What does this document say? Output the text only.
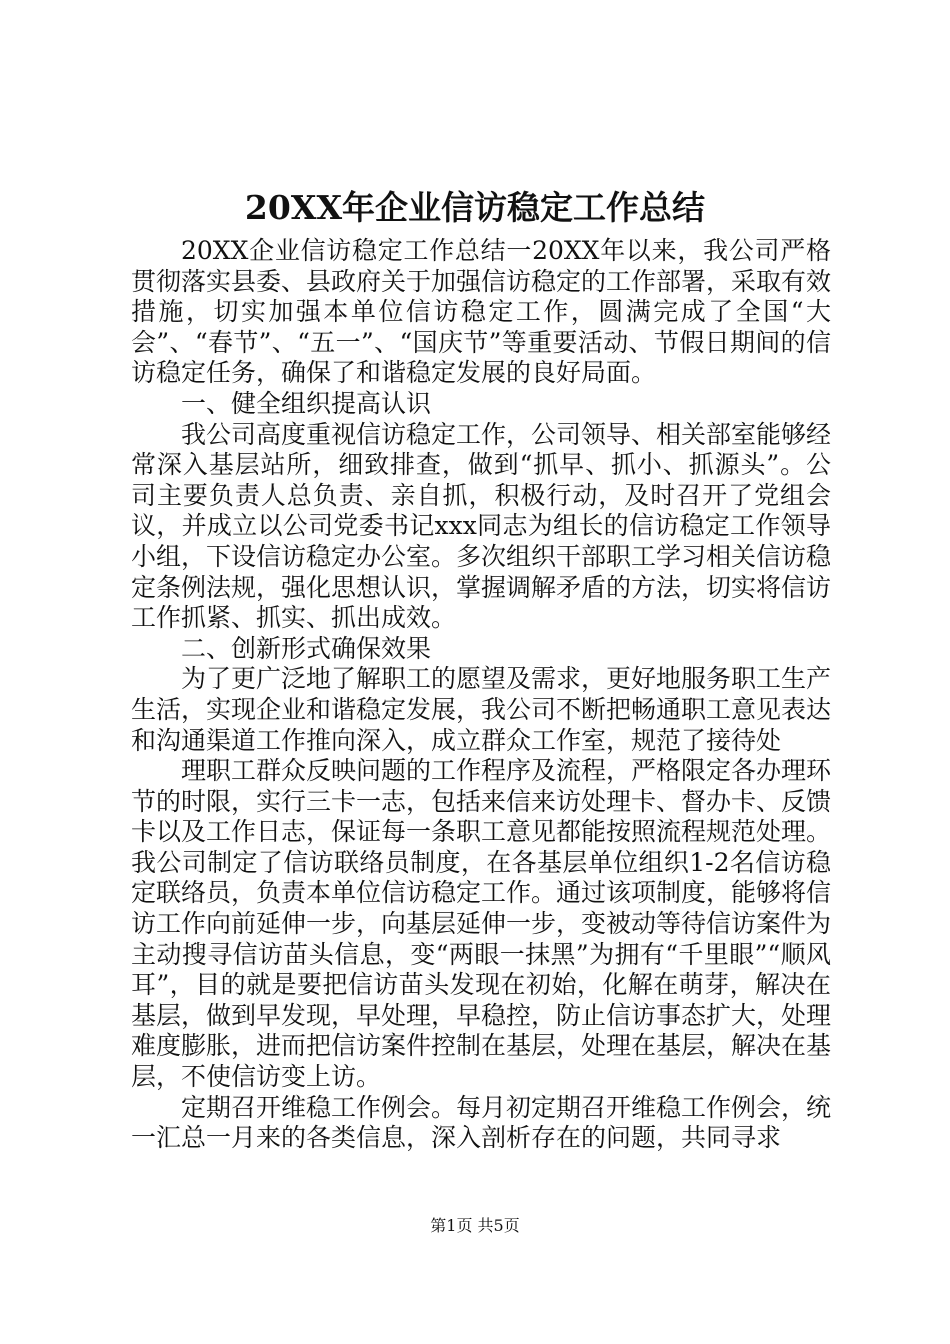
20XX年企业信访稳定工作总结

20XX企业信访稳定工作总结一20XX年以来，我公司严格贯彻落实县委、县政府关于加强信访稳定的工作部署，采取有效措施，切实加强本单位信访稳定工作，圆满完成了全国“大会”、“春节”、“五一”、“国庆节”等重要活动、节假日期间的信访稳定任务，确保了和谐稳定发展的良好局面。

一、健全组织提高认识

我公司高度重视信访稳定工作，公司领导、相关部室能够经常深入基层站所，细致排查，做到“抓早、抓小、抓源头”。公司主要负责人总负责、亲自抓，积极行动，及时召开了党组会议，并成立以公司党委书记xxx同志为组长的信访稳定工作领导小组，下设信访稳定办公室。多次组织干部职工学习相关信访稳定条例法规，强化思想认识，掌握调解矛盾的方法，切实将信访工作抓紧、抓实、抓出成效。

二、创新形式确保效果

为了更广泛地了解职工的愿望及需求，更好地服务职工生产生活，实现企业和谐稳定发展，我公司不断把畅通职工意见表达和沟通渠道工作推向深入，成立群众工作室，规范了接待处

理职工群众反映问题的工作程序及流程，严格限定各办理环节的时限，实行三卡一志，包括来信来访处理卡、督办卡、反馈卡以及工作日志，保证每一条职工意见都能按照流程规范处理。我公司制定了信访联络员制度，在各基层单位组织1-2名信访稳定联络员，负责本单位信访稳定工作。通过该项制度，能够将信访工作向前延伸一步，向基层延伸一步，变被动等待信访案件为主动搜寻信访苗头信息，变“两眼一抹黑”为拥有“千里眼”“顺风耳”，目的就是要把信访苗头发现在初始，化解在萌芽，解决在基层，做到早发现，早处理，早稳控，防止信访事态扩大，处理难度膨胀，进而把信访案件控制在基层，处理在基层，解决在基层，不使信访变上访。

定期召开维稳工作例会。每月初定期召开维稳工作例会，统一汇总一月来的各类信息，深入剖析存在的问题，共同寻求

第1页 共5页
